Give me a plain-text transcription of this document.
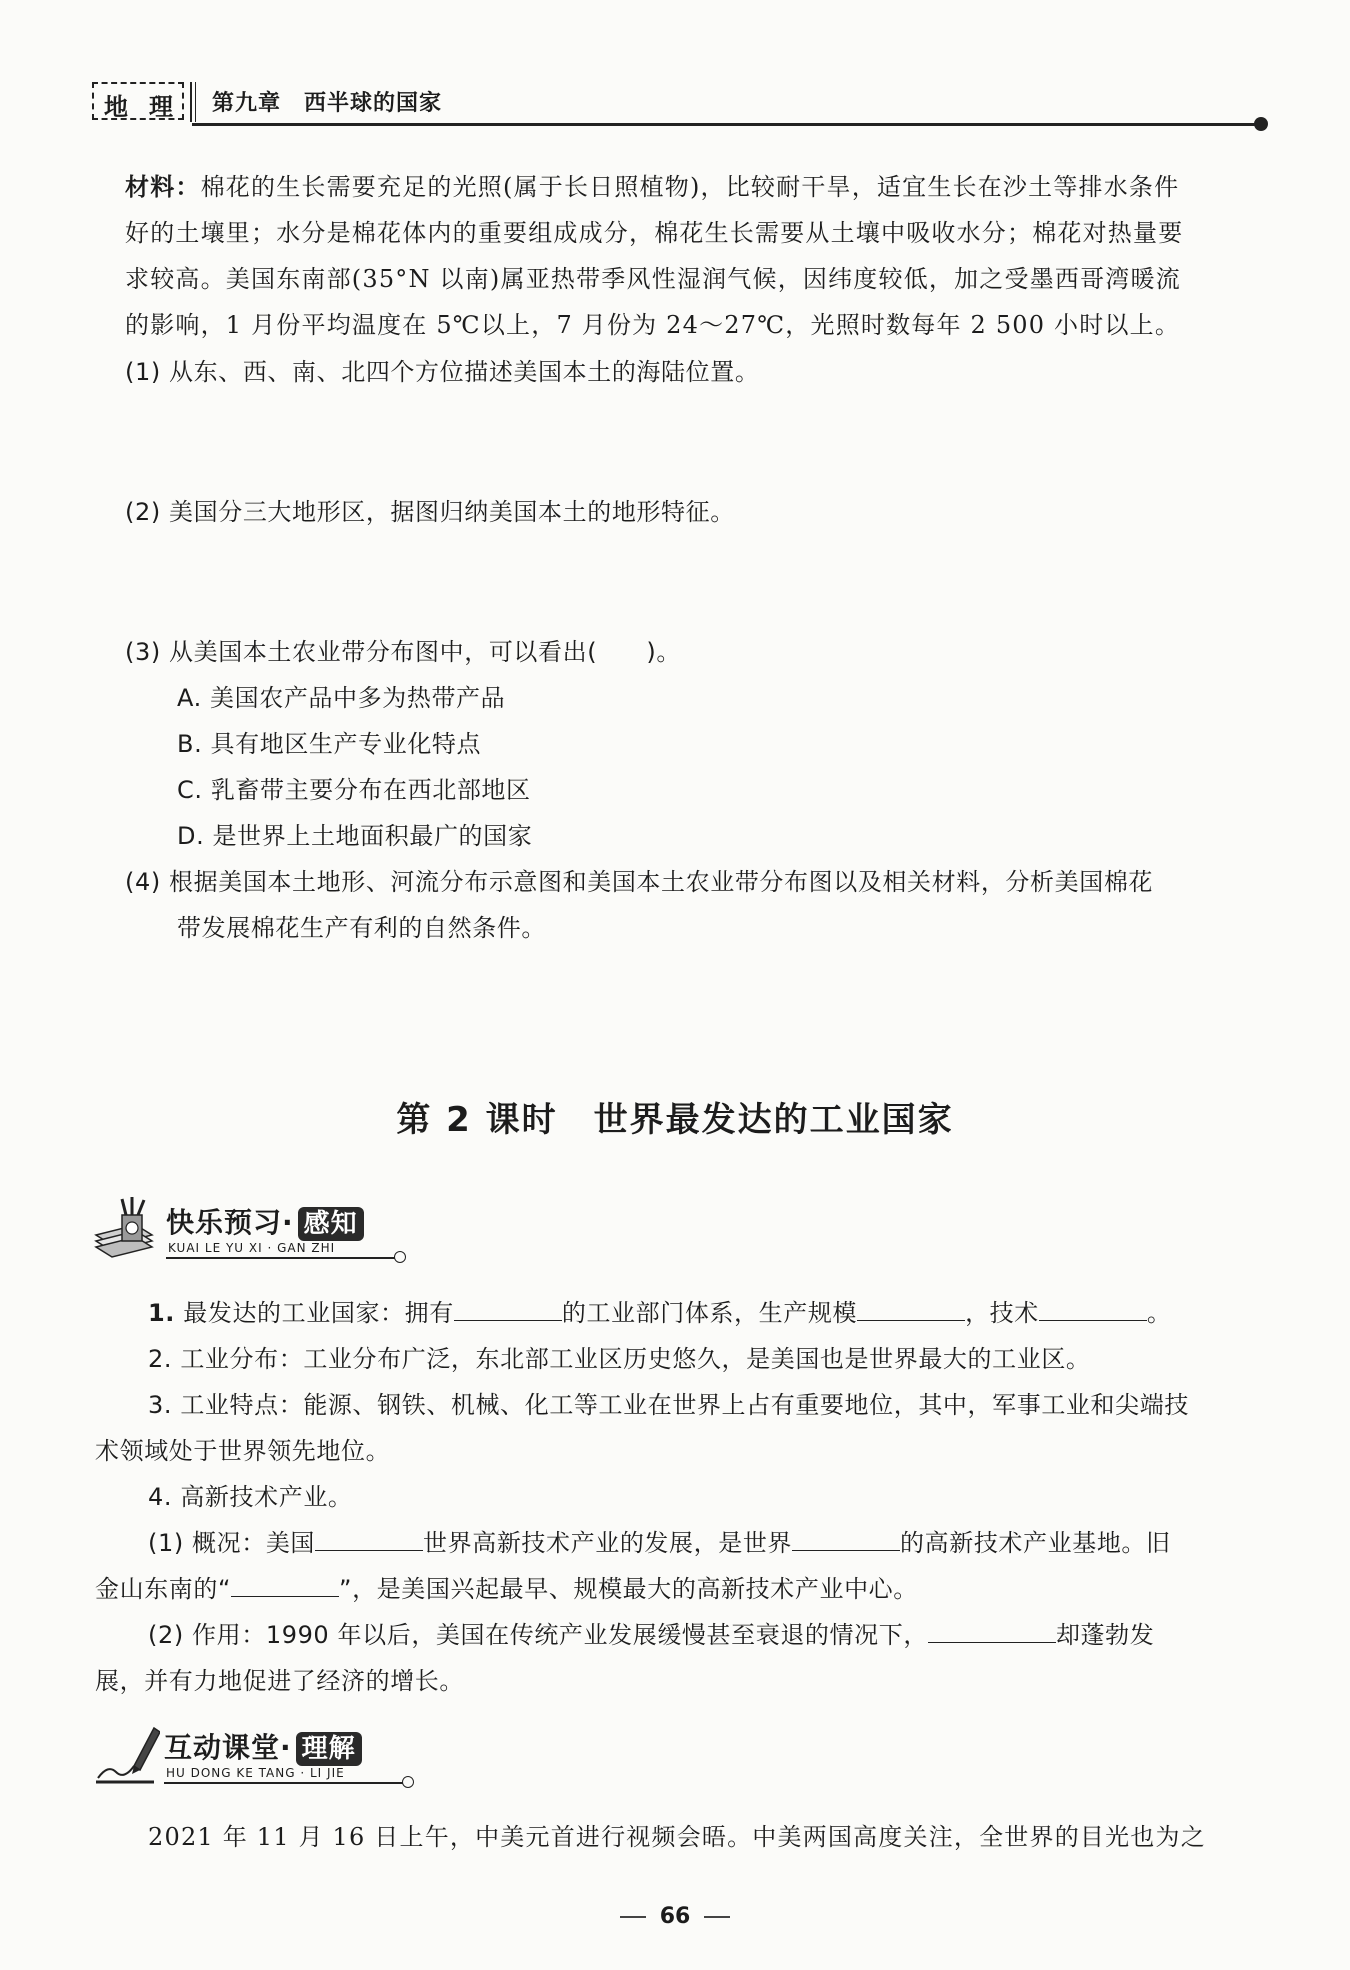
地 理 第九章　西半球的国家
材料：棉花的生长需要充足的光照(属于长日照植物)，比较耐干旱，适宜生长在沙土等排水条件
好的土壤里；水分是棉花体内的重要组成成分，棉花生长需要从土壤中吸收水分；棉花对热量要
求较高。美国东南部(35°N 以南)属亚热带季风性湿润气候，因纬度较低，加之受墨西哥湾暖流
的影响，1 月份平均温度在 5℃以上，7 月份为 24～27℃，光照时数每年 2 500 小时以上。
(1) 从东、西、南、北四个方位描述美国本土的海陆位置。
(2) 美国分三大地形区，据图归纳美国本土的地形特征。
(3) 从美国本土农业带分布图中，可以看出(　　)。
A. 美国农产品中多为热带产品
B. 具有地区生产专业化特点
C. 乳畜带主要分布在西北部地区
D. 是世界上土地面积最广的国家
(4) 根据美国本土地形、河流分布示意图和美国本土农业带分布图以及相关材料，分析美国棉花
带发展棉花生产有利的自然条件。
第 2 课时　世界最发达的工业国家
快乐预习· 感知
KUAI LE YU XI · GAN ZHI
1. 最发达的工业国家：拥有	的工业部门体系，生产规模	，技术	。
2. 工业分布：工业分布广泛，东北部工业区历史悠久，是美国也是世界最大的工业区。
3. 工业特点：能源、钢铁、机械、化工等工业在世界上占有重要地位，其中，军事工业和尖端技
术领域处于世界领先地位。
4. 高新技术产业。
(1) 概况：美国	世界高新技术产业的发展，是世界	的高新技术产业基地。旧
金山东南的“	”，是美国兴起最早、规模最大的高新技术产业中心。
(2) 作用：1990 年以后，美国在传统产业发展缓慢甚至衰退的情况下，	却蓬勃发
展，并有力地促进了经济的增长。
互动课堂· 理解
HU DONG KE TANG · LI JIE
2021 年 11 月 16 日上午，中美元首进行视频会晤。中美两国高度关注，全世界的目光也为之
66
